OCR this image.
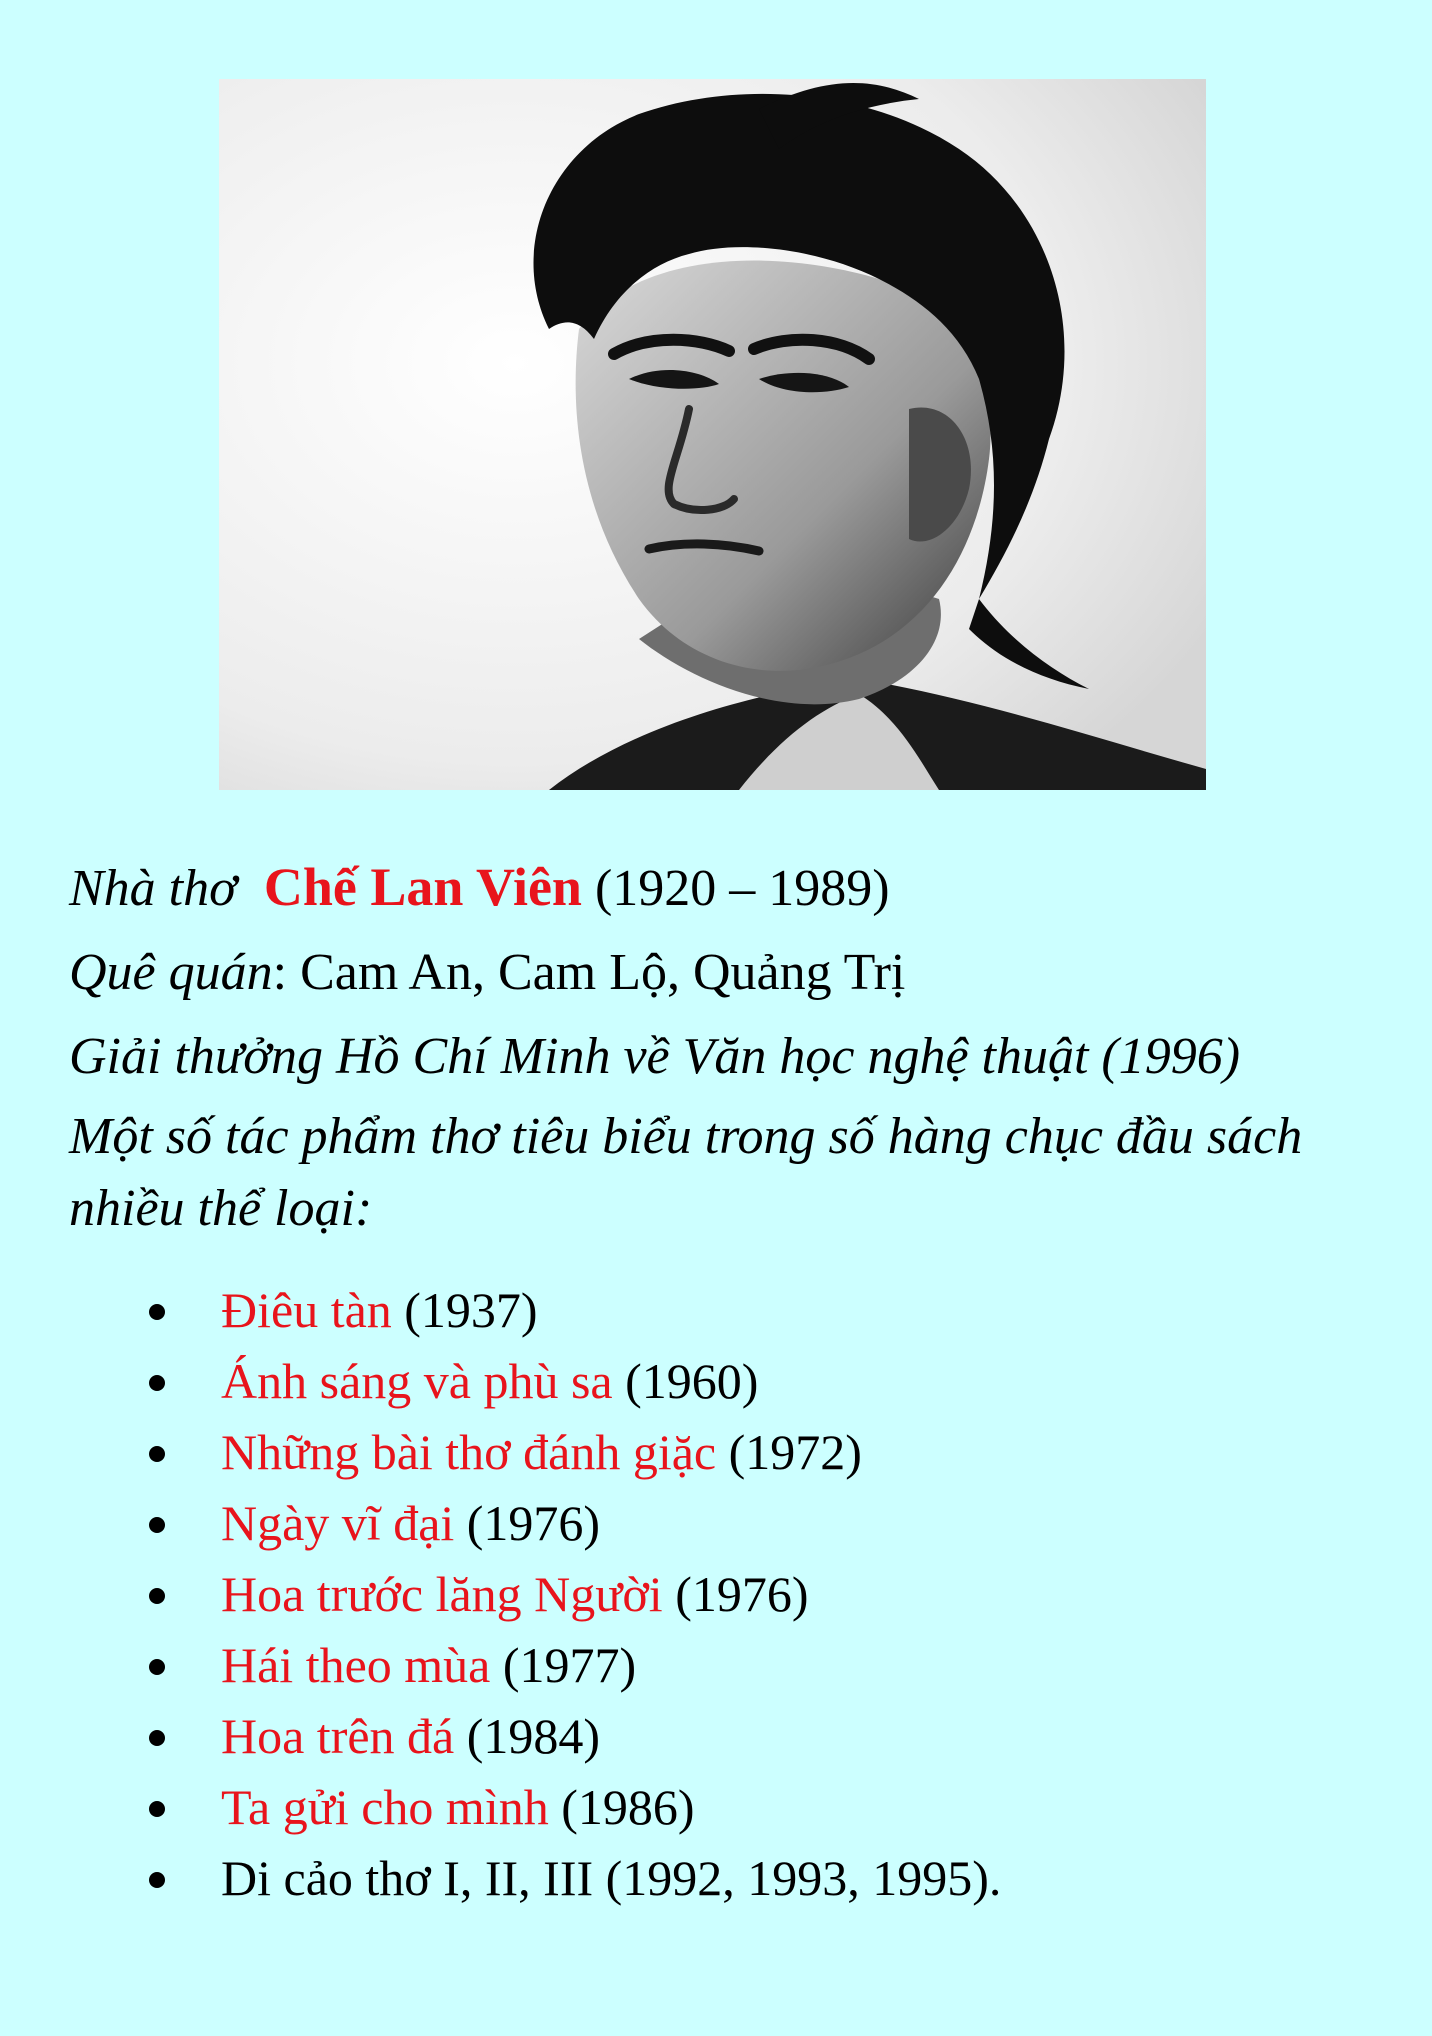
Nhà thơ Chế Lan Viên (1920 – 1989)

Quê quán: Cam An, Cam Lộ, Quảng Trị

Giải thưởng Hồ Chí Minh về Văn học nghệ thuật (1996)

Một số tác phẩm thơ tiêu biểu trong số hàng chục đầu sách nhiều thể loại:

Điêu tàn (1937)
Ánh sáng và phù sa (1960)
Những bài thơ đánh giặc (1972)
Ngày vĩ đại (1976)
Hoa trước lăng Người (1976)
Hái theo mùa (1977)
Hoa trên đá (1984)
Ta gửi cho mình (1986)
Di cảo thơ I, II, III (1992, 1993, 1995).
